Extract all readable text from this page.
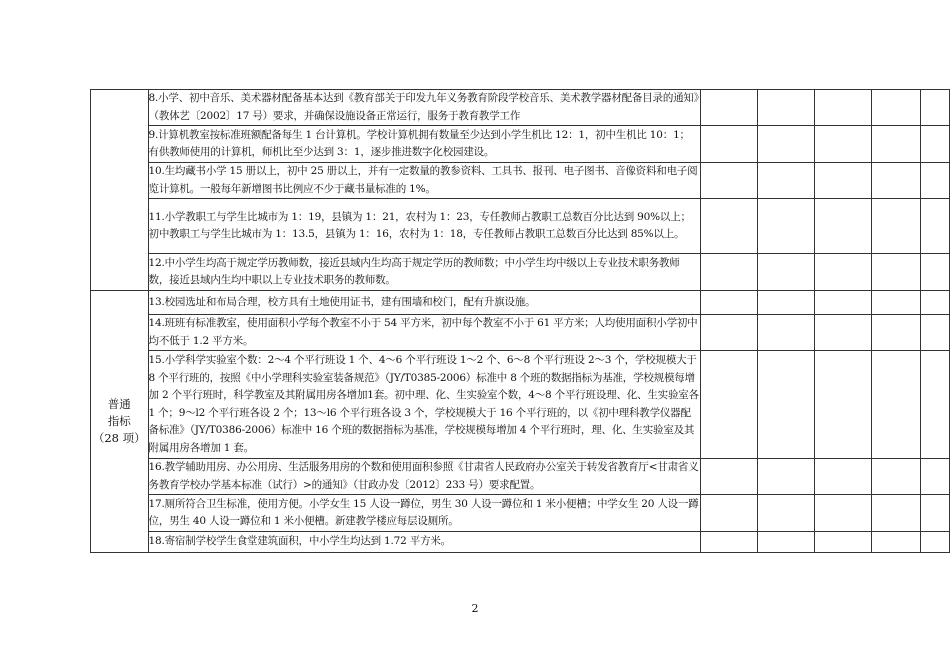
	8.小学、初中音乐、美术器材配备基本达到《教育部关于印发九年义务教育阶段学校音乐、美术教学器材配备目录的通知》（教体艺〔2002〕17 号）要求，并确保设施设备正常运行，服务于教育教学工作					
	9.计算机教室按标准班额配备每生 1 台计算机。学校计算机拥有数量至少达到小学生机比 12：1，初中生机比 10：1；有供教师使用的计算机，师机比至少达到 3：1，逐步推进数字化校园建设。					
	10.生均藏书小学 15 册以上，初中 25 册以上，并有一定数量的教参资料、工具书、报刊、电子图书、音像资料和电子阅览计算机。一般每年新增图书比例应不少于藏书量标准的 1%。					
	11.小学教职工与学生比城市为 1：19，县镇为 1：21，农村为 1：23，专任教师占教职工总数百分比达到 90%以上；初中教职工与学生比城市为 1：13.5，县镇为 1：16，农村为 1：18，专任教师占教职工总数百分比达到 85%以上。					
	12.中小学生均高于规定学历教师数，接近县域内生均高于规定学历的教师数；中小学生均中级以上专业技术职务教师数，接近县域内生均中职以上专业技术职务的教师数。					

普通
指标
（28 项）	13.校园选址和布局合理，校方具有土地使用证书，建有围墙和校门，配有升旗设施。					
	14.班班有标准教室，使用面积小学每个教室不小于 54 平方米，初中每个教室不小于 61 平方米；人均使用面积小学初中均不低于 1.2 平方米。					
	15.小学科学实验室个数：2～4 个平行班设 1 个、4～6 个平行班设 1～2 个、6～8 个平行班设 2～3 个，学校规模大于 8 个平行班的，按照《中小学理科实验室装备规范》（JY/T0385-2006）标准中 8 个班的数据指标为基准，学校规模每增加 2 个平行班时，科学教室及其附属用房各增加1套。初中理、化、生实验室个数，4～8 个平行班设理、化、生实验室各 1 个；9～l2 个平行班各设 2 个；13～l6 个平行班各设 3 个，学校规模大于 16 个平行班的，以《初中理科教学仪器配备标准》（JY/T0386-2006）标准中 16 个班的数据指标为基准，学校规模每增加 4 个平行班时，理、化、生实验室及其附属用房各增加 1 套。					
	16.教学辅助用房、办公用房、生活服务用房的个数和使用面积参照《甘肃省人民政府办公室关于转发省教育厅<甘肃省义务教育学校办学基本标准（试行）>的通知》（甘政办发〔2012〕233 号）要求配置。					
	17.厕所符合卫生标准，使用方便。小学女生 15 人设一蹲位，男生 30 人设一蹲位和 1 米小便槽；中学女生 20 人设一蹲位，男生 40 人设一蹲位和 1 米小便槽。新建教学楼应每层设厕所。					
	18.寄宿制学校学生食堂建筑面积，中小学生均达到 1.72 平方米。					
2
